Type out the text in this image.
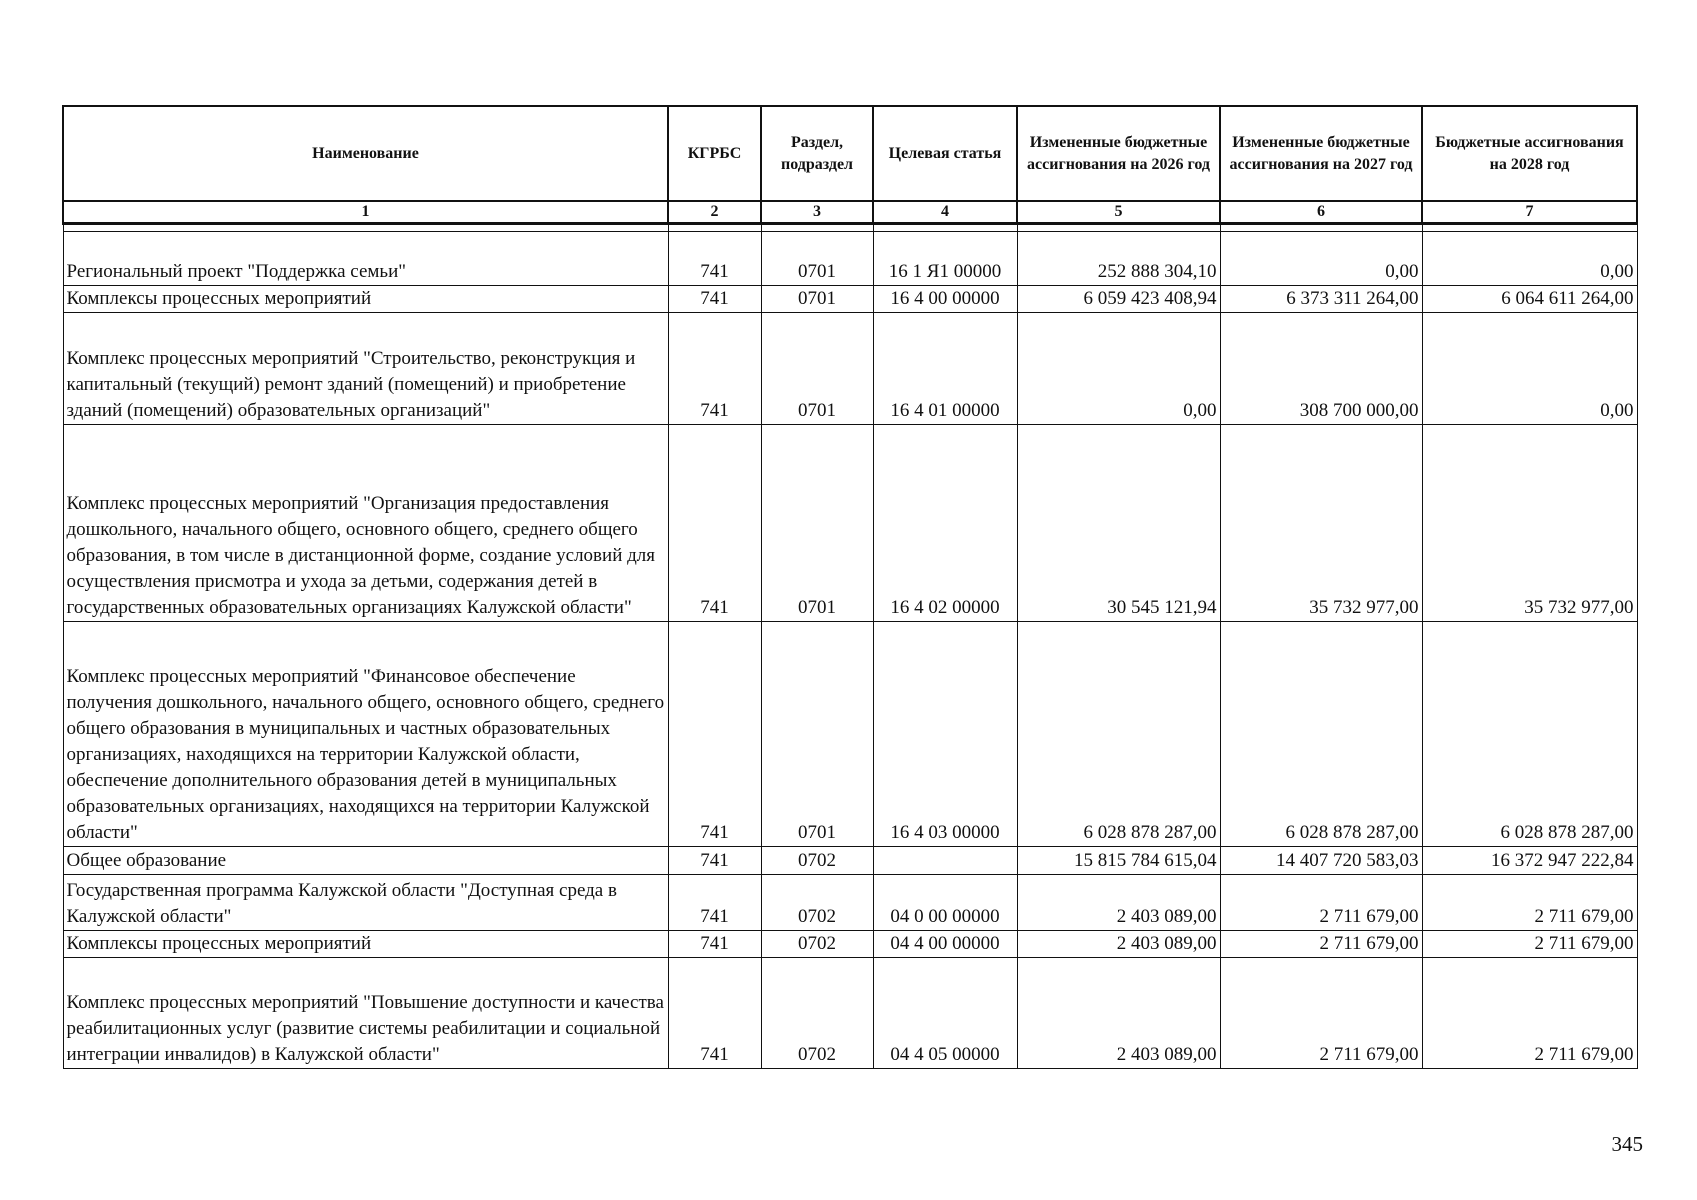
Наименование	КГРБС	Раздел, подраздел	Целевая статья	Измененные бюджетные ассигнования на 2026 год	Измененные бюджетные ассигнования на 2027 год	Бюджетные ассигнования на 2028 год
1	2	3	4	5	6	7

Региональный проект "Поддержка семьи"	741	0701	16 1 Я1 00000	252 888 304,10	0,00	0,00
Комплексы процессных мероприятий	741	0701	16 4 00 00000	6 059 423 408,94	6 373 311 264,00	6 064 611 264,00
Комплекс процессных мероприятий "Строительство, реконструкция и капитальный (текущий) ремонт зданий (помещений) и приобретение зданий (помещений) образовательных организаций"	741	0701	16 4 01 00000	0,00	308 700 000,00	0,00
Комплекс процессных мероприятий "Организация предоставления дошкольного, начального общего, основного общего, среднего общего образования, в том числе в дистанционной форме, создание условий для осуществления присмотра и ухода за детьми, содержания детей в государственных образовательных организациях Калужской области"	741	0701	16 4 02 00000	30 545 121,94	35 732 977,00	35 732 977,00
Комплекс процессных мероприятий "Финансовое обеспечение получения дошкольного, начального общего, основного общего, среднего общего образования в муниципальных и частных образовательных организациях, находящихся на территории Калужской области, обеспечение дополнительного образования детей в муниципальных образовательных организациях, находящихся на территории Калужской области"	741	0701	16 4 03 00000	6 028 878 287,00	6 028 878 287,00	6 028 878 287,00
Общее образование	741	0702		15 815 784 615,04	14 407 720 583,03	16 372 947 222,84
Государственная программа Калужской области "Доступная среда в Калужской области"	741	0702	04 0 00 00000	2 403 089,00	2 711 679,00	2 711 679,00
Комплексы процессных мероприятий	741	0702	04 4 00 00000	2 403 089,00	2 711 679,00	2 711 679,00
Комплекс процессных мероприятий "Повышение доступности и качества реабилитационных услуг (развитие системы реабилитации и социальной интеграции инвалидов) в Калужской области"	741	0702	04 4 05 00000	2 403 089,00	2 711 679,00	2 711 679,00
345
